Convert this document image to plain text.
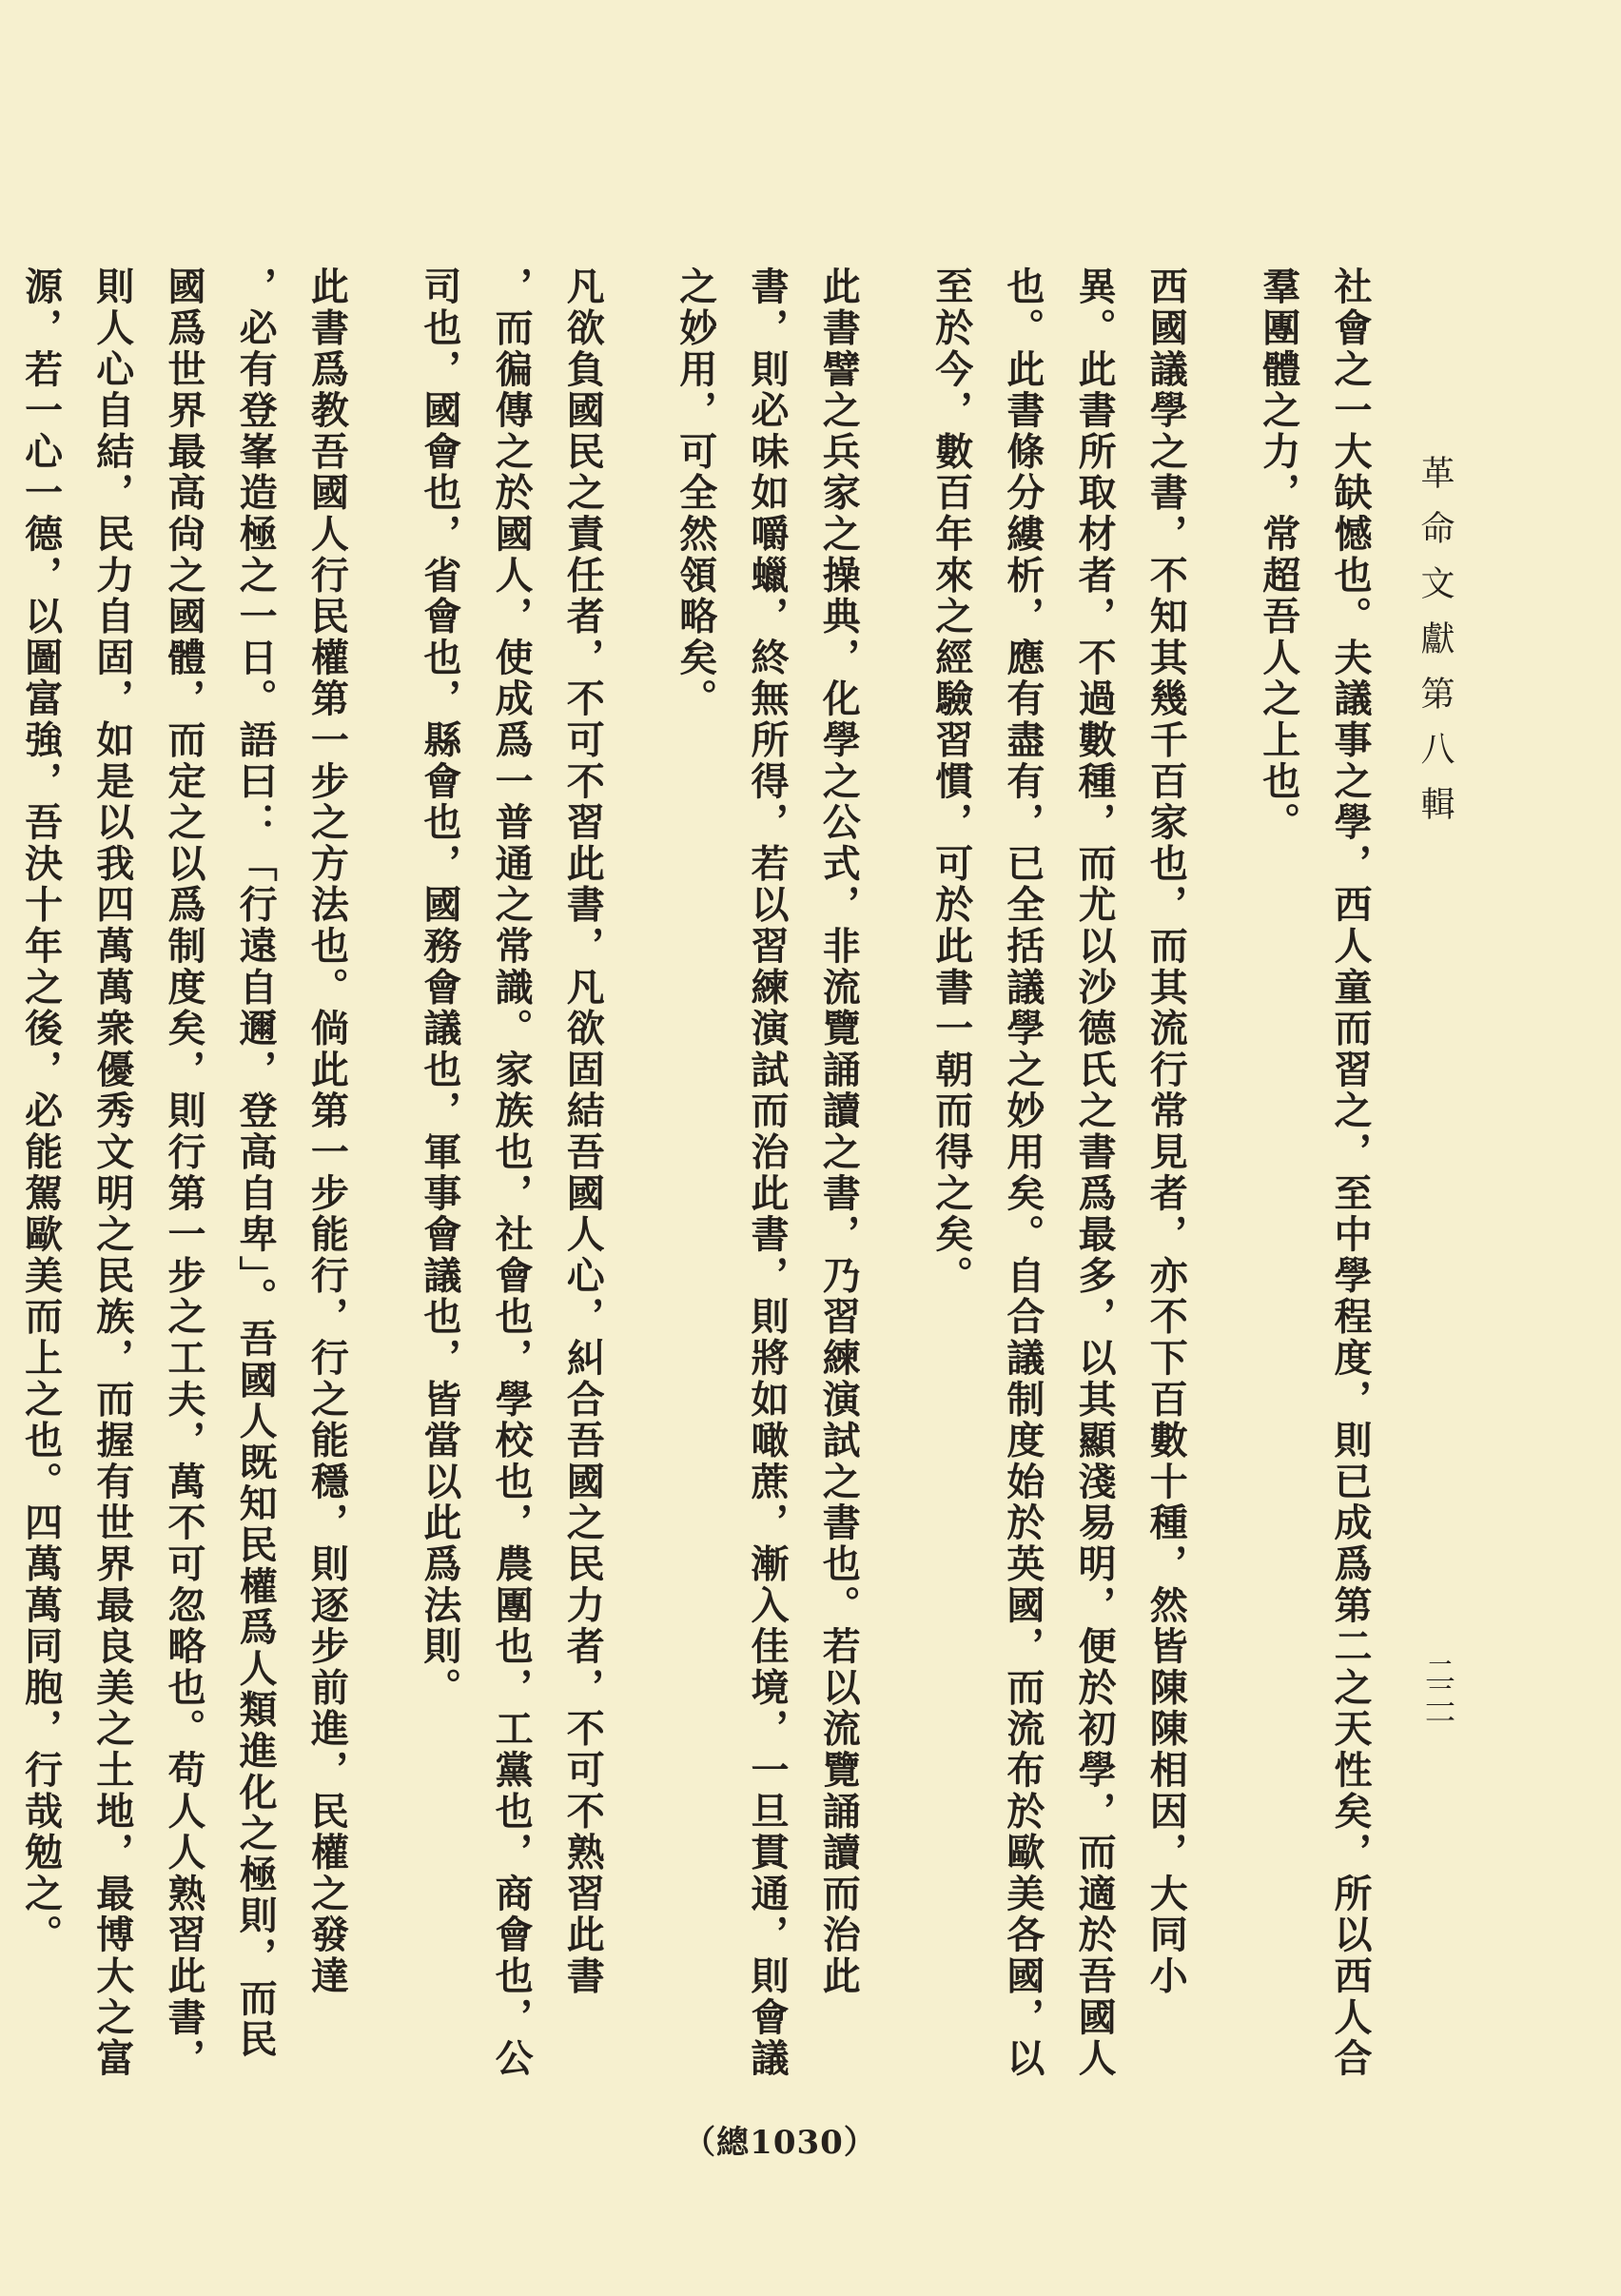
革命文獻第八輯
二二一
社會之一大缺憾也。夫議事之學，西人童而習之，至中學程度，則已成爲第二之天性矣，所以西人合
羣團體之力，常超吾人之上也。
西國議學之書，不知其幾千百家也，而其流行常見者，亦不下百數十種，然皆陳陳相因，大同小
異。此書所取材者，不過數種，而尤以沙德氏之書爲最多，以其顯淺易明，便於初學，而適於吾國人
也。此書條分縷析，應有盡有，已全括議學之妙用矣。自合議制度始於英國，而流布於歐美各國，以
至於今，數百年來之經驗習慣，可於此書一朝而得之矣。
此書譬之兵家之操典，化學之公式，非流覽誦讀之書，乃習練演試之書也。若以流覽誦讀而治此
書，則必味如嚼蠟，終無所得，若以習練演試而治此書，則將如噉蔗，漸入佳境，一旦貫通，則會議
之妙用，可全然領略矣。
凡欲負國民之責任者，不可不習此書，凡欲固結吾國人心，糾合吾國之民力者，不可不熟習此書
，而徧傳之於國人，使成爲一普通之常識。家族也，社會也，學校也，農團也，工黨也，商會也，公
司也，國會也，省會也，縣會也，國務會議也，軍事會議也，皆當以此爲法則。
此書爲教吾國人行民權第一步之方法也。倘此第一步能行，行之能穩，則逐步前進，民權之發達
，必有登峯造極之一日。語曰：「行遠自邇，登高自卑」。吾國人既知民權爲人類進化之極則，而民
國爲世界最高尙之國體，而定之以爲制度矣，則行第一步之工夫，萬不可忽略也。苟人人熟習此書，
則人心自結，民力自固，如是以我四萬萬衆優秀文明之民族，而握有世界最良美之土地，最博大之富
源，若一心一德，以圖富強，吾決十年之後，必能駕歐美而上之也。四萬萬同胞，行哉勉之。
（總1030）
